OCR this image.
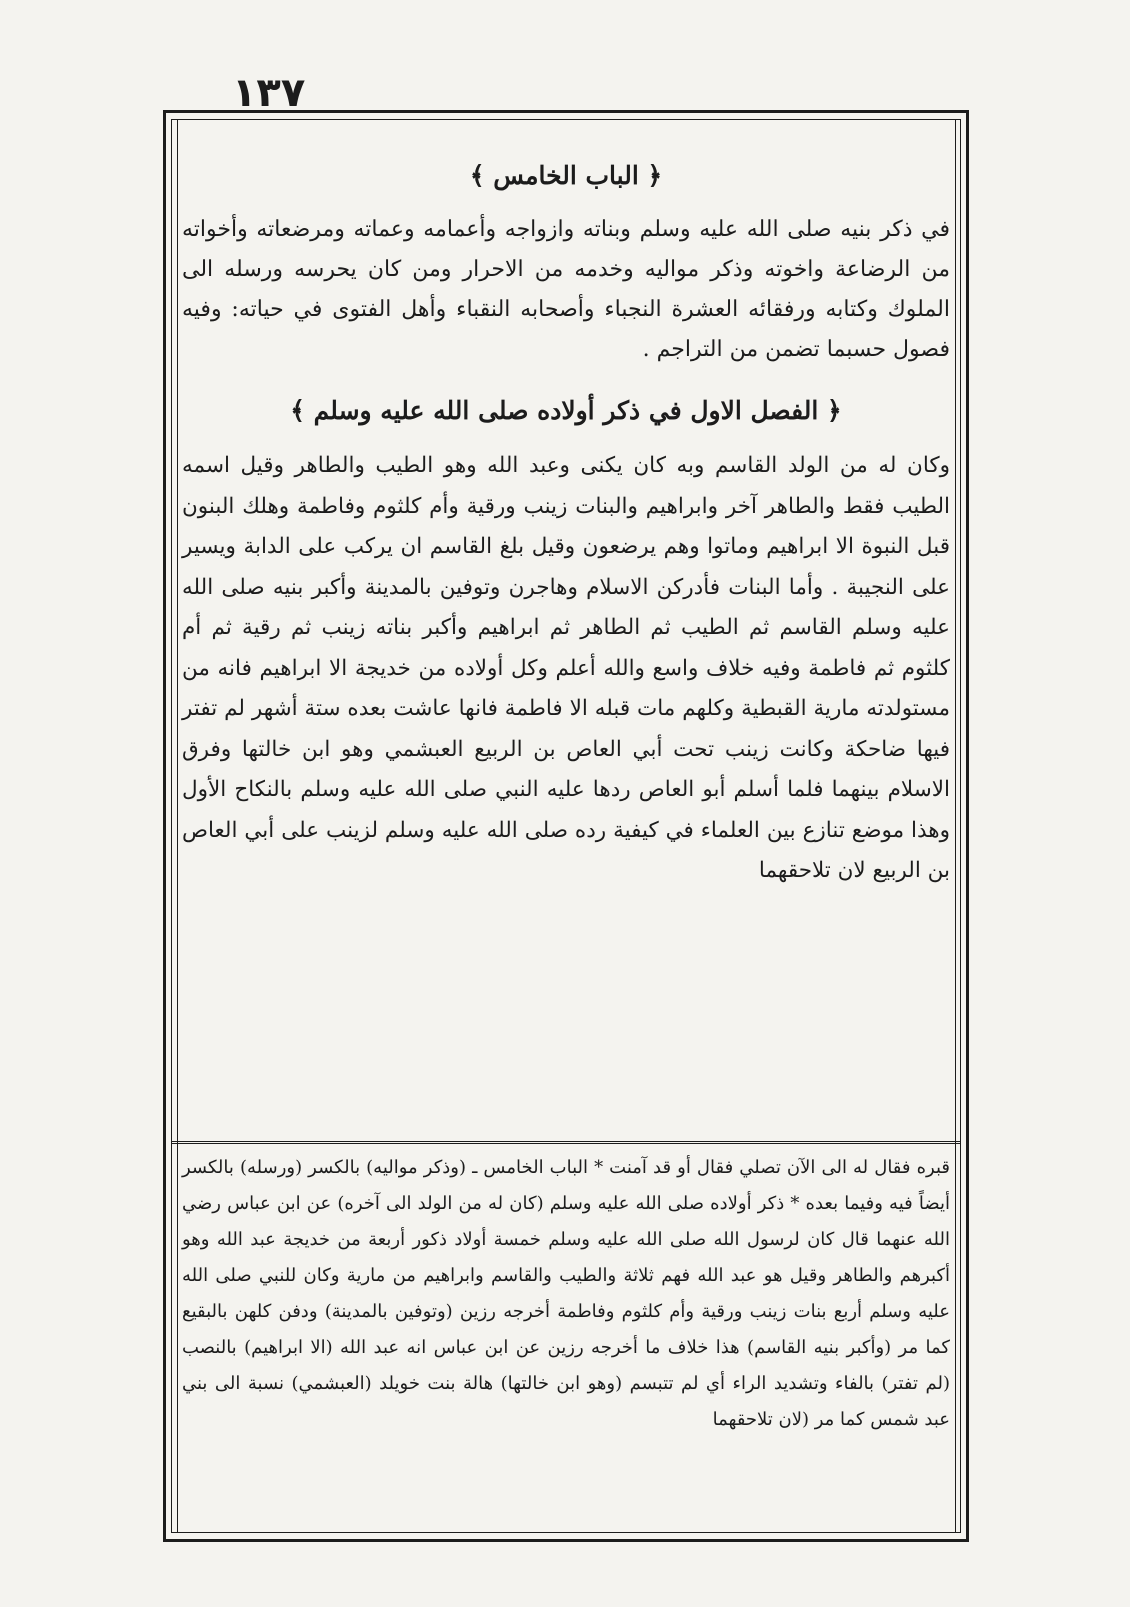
١٣٧
﴿ الباب الخامس ﴾

في ذكر بنيه صلى الله عليه وسلم وبناته وازواجه وأعمامه وعماته ومرضعاته وأخواته من الرضاعة واخوته وذكر مواليه وخدمه من الاحرار ومن كان يحرسه ورسله الى الملوك وكتابه ورفقائه العشرة النجباء وأصحابه النقباء وأهل الفتوى في حياته: وفيه فصول حسبما تضمن من التراجم .

﴿ الفصل الاول في ذكر أولاده صلى الله عليه وسلم ﴾

وكان له من الولد القاسم وبه كان يكنى وعبد الله وهو الطيب والطاهر وقيل اسمه الطيب فقط والطاهر آخر وابراهيم والبنات زينب ورقية وأم كلثوم وفاطمة وهلك البنون قبل النبوة الا ابراهيم وماتوا وهم يرضعون وقيل بلغ القاسم ان يركب على الدابة ويسير على النجيبة . وأما البنات فأدركن الاسلام وهاجرن وتوفين بالمدينة وأكبر بنيه صلى الله عليه وسلم القاسم ثم الطيب ثم الطاهر ثم ابراهيم وأكبر بناته زينب ثم رقية ثم أم كلثوم ثم فاطمة وفيه خلاف واسع والله أعلم وكل أولاده من خديجة الا ابراهيم فانه من مستولدته مارية القبطية وكلهم مات قبله الا فاطمة فانها عاشت بعده ستة أشهر لم تفتر فيها ضاحكة وكانت زينب تحت أبي العاص بن الربيع العبشمي وهو ابن خالتها وفرق الاسلام بينهما فلما أسلم أبو العاص ردها عليه النبي صلى الله عليه وسلم بالنكاح الأول وهذا موضع تنازع بين العلماء في كيفية رده صلى الله عليه وسلم لزينب على أبي العاص بن الربيع لان تلاحقهما

قبره فقال له الى الآن تصلي فقال أو قد آمنت * الباب الخامس ـ (وذكر مواليه) بالكسر (ورسله) بالكسر أيضاً فيه وفيما بعده * ذكر أولاده صلى الله عليه وسلم (كان له من الولد الى آخره) عن ابن عباس رضي الله عنهما قال كان لرسول الله صلى الله عليه وسلم خمسة أولاد ذكور أربعة من خديجة عبد الله وهو أكبرهم والطاهر وقيل هو عبد الله فهم ثلاثة والطيب والقاسم وابراهيم من مارية وكان للنبي صلى الله عليه وسلم أربع بنات زينب ورقية وأم كلثوم وفاطمة أخرجه رزين (وتوفين بالمدينة) ودفن كلهن بالبقيع كما مر (وأكبر بنيه القاسم) هذا خلاف ما أخرجه رزين عن ابن عباس انه عبد الله (الا ابراهيم) بالنصب (لم تفتر) بالفاء وتشديد الراء أي لم تتبسم (وهو ابن خالتها) هالة بنت خويلد (العبشمي) نسبة الى بني عبد شمس كما مر (لان تلاحقهما
